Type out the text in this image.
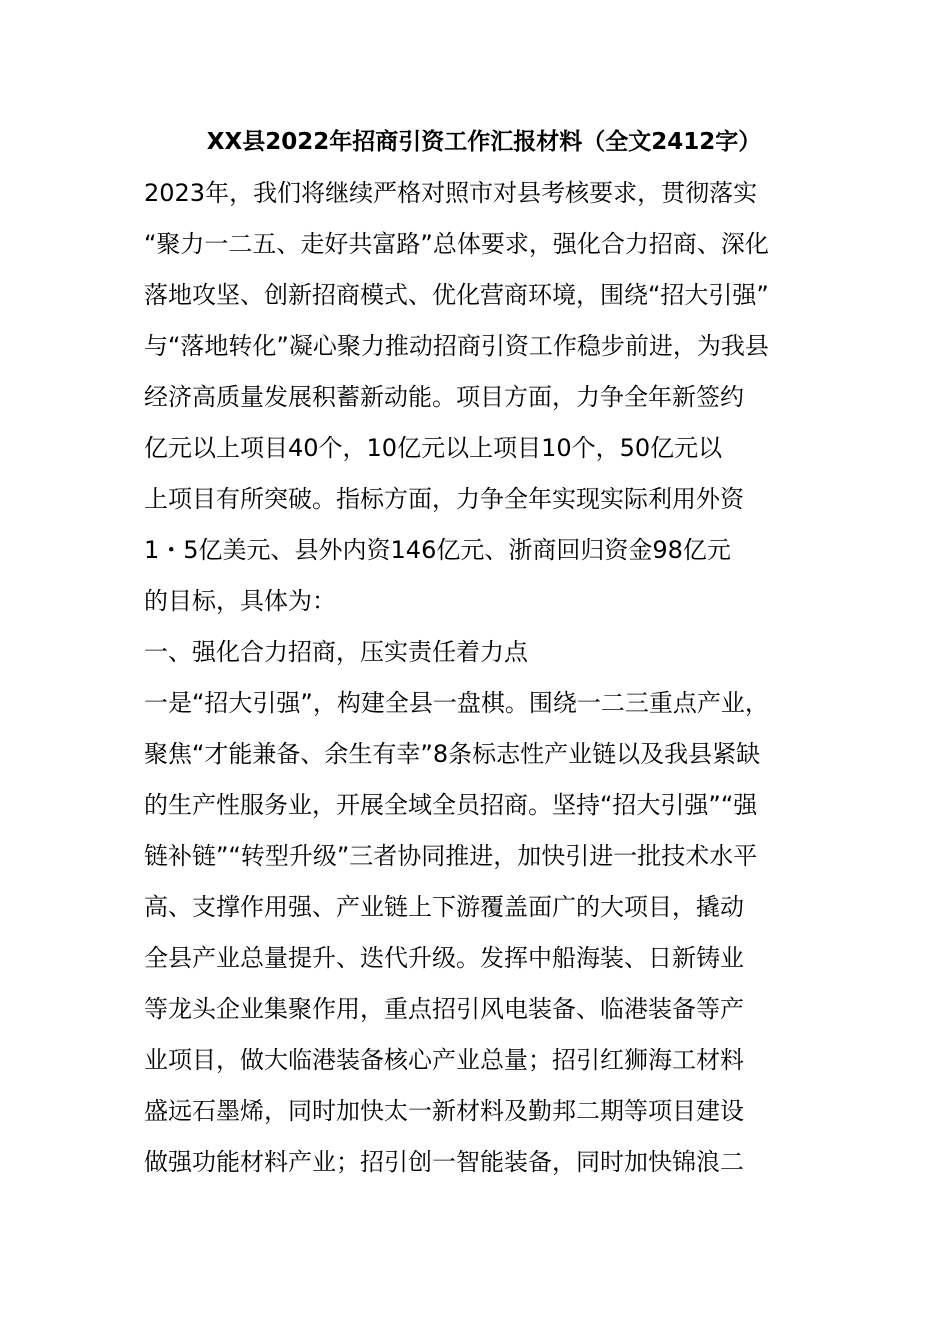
XX县2022年招商引资工作汇报材料（全文2412字）
2023年，我们将继续严格对照市对县考核要求，贯彻落实
“聚力一二五、走好共富路”总体要求，强化合力招商、深化
落地攻坚、创新招商模式、优化营商环境，围绕“招大引强”
与“落地转化”凝心聚力推动招商引资工作稳步前进，为我县
经济高质量发展积蓄新动能。项目方面，力争全年新签约
亿元以上项目40个，10亿元以上项目10个，50亿元以
上项目有所突破。指标方面，力争全年实现实际利用外资
1・5亿美元、县外内资146亿元、浙商回归资金98亿元
的目标，具体为：
一、强化合力招商，压实责任着力点
一是“招大引强”，构建全县一盘棋。围绕一二三重点产业，
聚焦“才能兼备、余生有幸”8条标志性产业链以及我县紧缺
的生产性服务业，开展全域全员招商。坚持“招大引强”“强
链补链”“转型升级”三者协同推进，加快引进一批技术水平
高、支撑作用强、产业链上下游覆盖面广的大项目，撬动
全县产业总量提升、迭代升级。发挥中船海装、日新铸业
等龙头企业集聚作用，重点招引风电装备、临港装备等产
业项目，做大临港装备核心产业总量；招引红狮海工材料
盛远石墨烯，同时加快太一新材料及勤邦二期等项目建设
做强功能材料产业；招引创一智能装备，同时加快锦浪二
